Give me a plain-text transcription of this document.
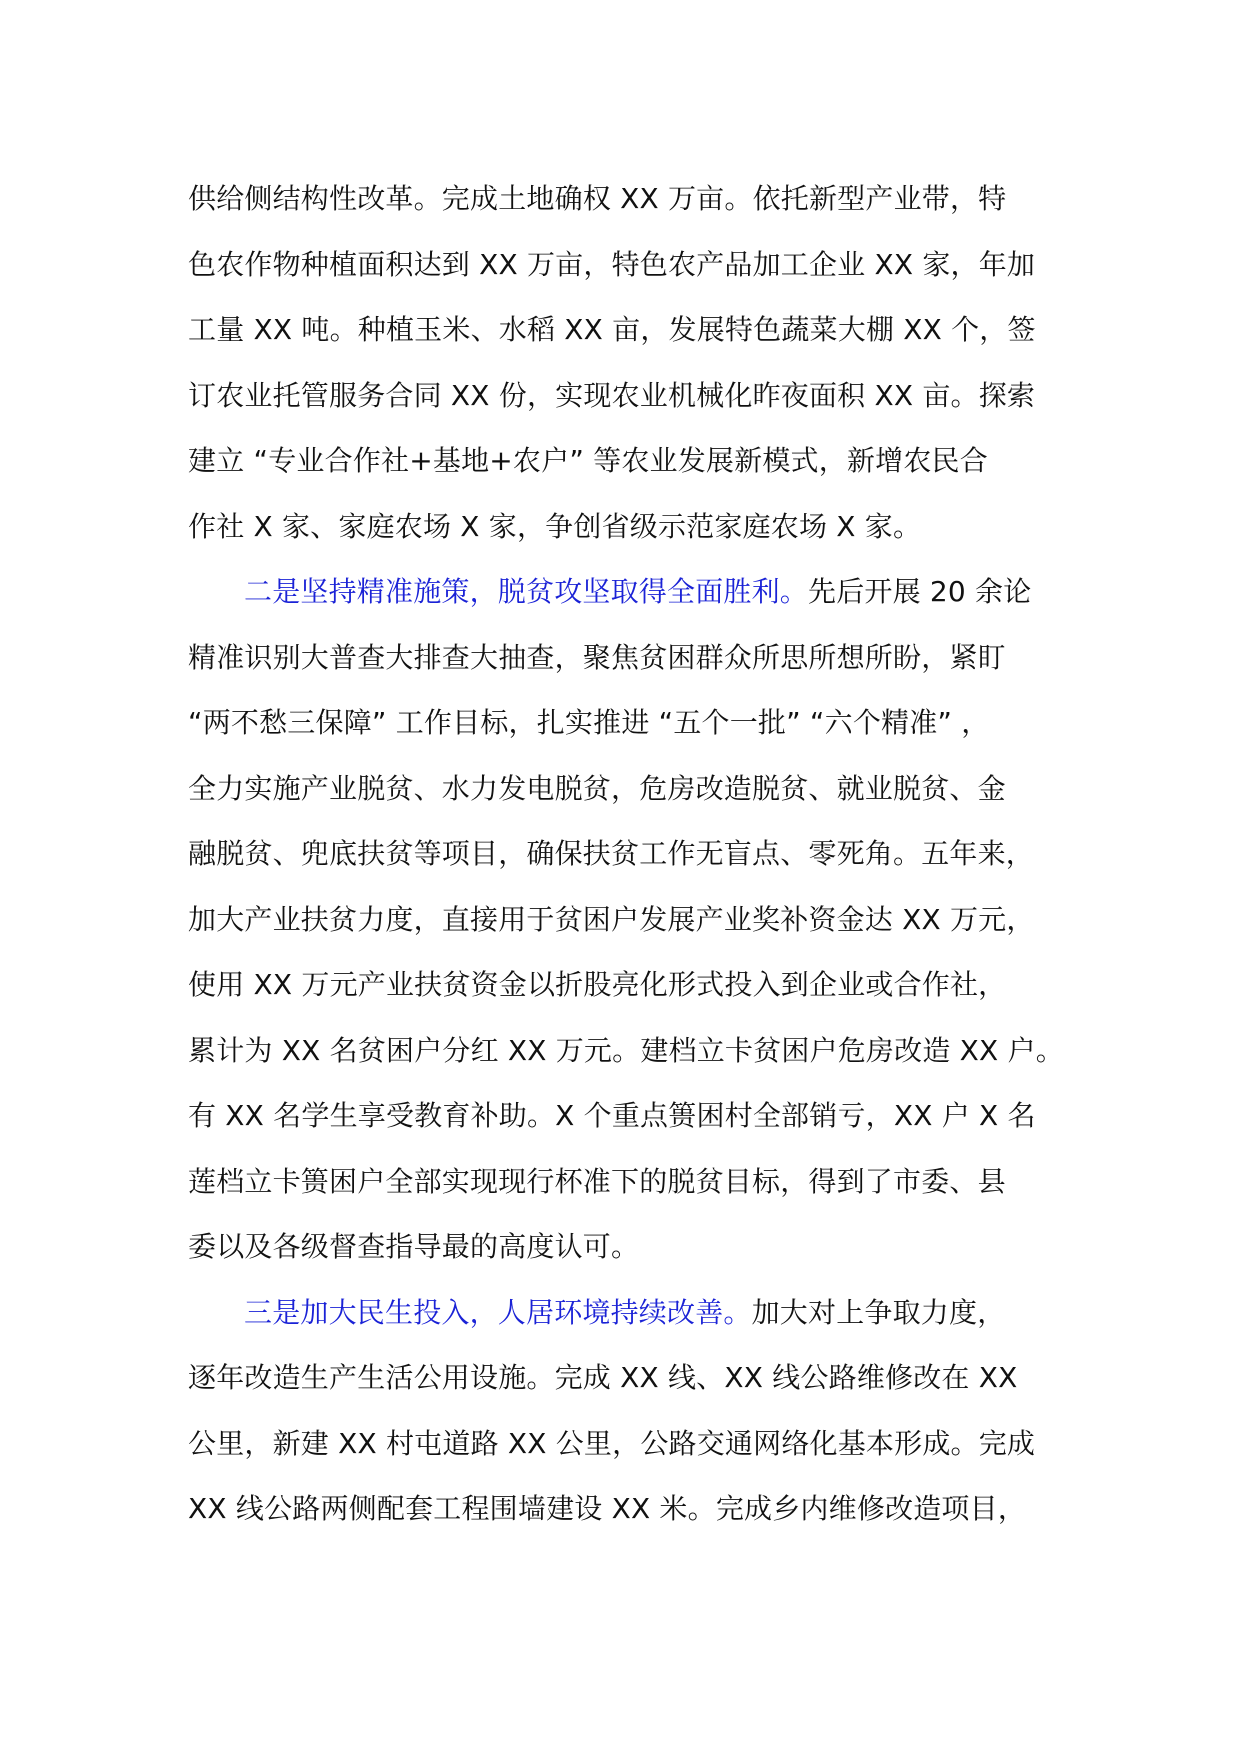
供给侧结构性改革。完成土地确权 XX 万亩。依托新型产业带，特
色农作物种植面积达到 XX 万亩，特色农产品加工企业 XX 家，年加
工量 XX 吨。种植玉米、水稻 XX 亩，发展特色蔬菜大棚 XX 个，签
订农业托管服务合同 XX 份，实现农业机械化昨夜面积 XX 亩。探索
建立 “专业合作社+基地+农户” 等农业发展新模式，新增农民合
作社 X 家、家庭农场 X 家，争创省级示范家庭农场 X 家。

二是坚持精准施策，脱贫攻坚取得全面胜利。先后开展 20 余论
精准识别大普查大排查大抽查，聚焦贫困群众所思所想所盼，紧盯
“两不愁三保障” 工作目标，扎实推进 “五个一批” “六个精准” ，
全力实施产业脱贫、水力发电脱贫，危房改造脱贫、就业脱贫、金
融脱贫、兜底扶贫等项目，确保扶贫工作无盲点、零死角。五年来，
加大产业扶贫力度，直接用于贫困户发展产业奖补资金达 XX 万元，
使用 XX 万元产业扶贫资金以折股亮化形式投入到企业或合作社，
累计为 XX 名贫困户分红 XX 万元。建档立卡贫困户危房改造 XX 户。
有 XX 名学生享受教育补助。X 个重点篑困村全部销亏，XX 户 X 名
莲档立卡篑困户全部实现现行杯准下的脱贫目标，得到了市委、县
委以及各级督查指导最的高度认可。

三是加大民生投入，人居环境持续改善。加大对上争取力度，
逐年改造生产生活公用设施。完成 XX 线、XX 线公路维修改在 XX
公里，新建 XX 村屯道路 XX 公里，公路交通网络化基本形成。完成
XX 线公路两侧配套工程围墙建设 XX 米。完成乡内维修改造项目，
